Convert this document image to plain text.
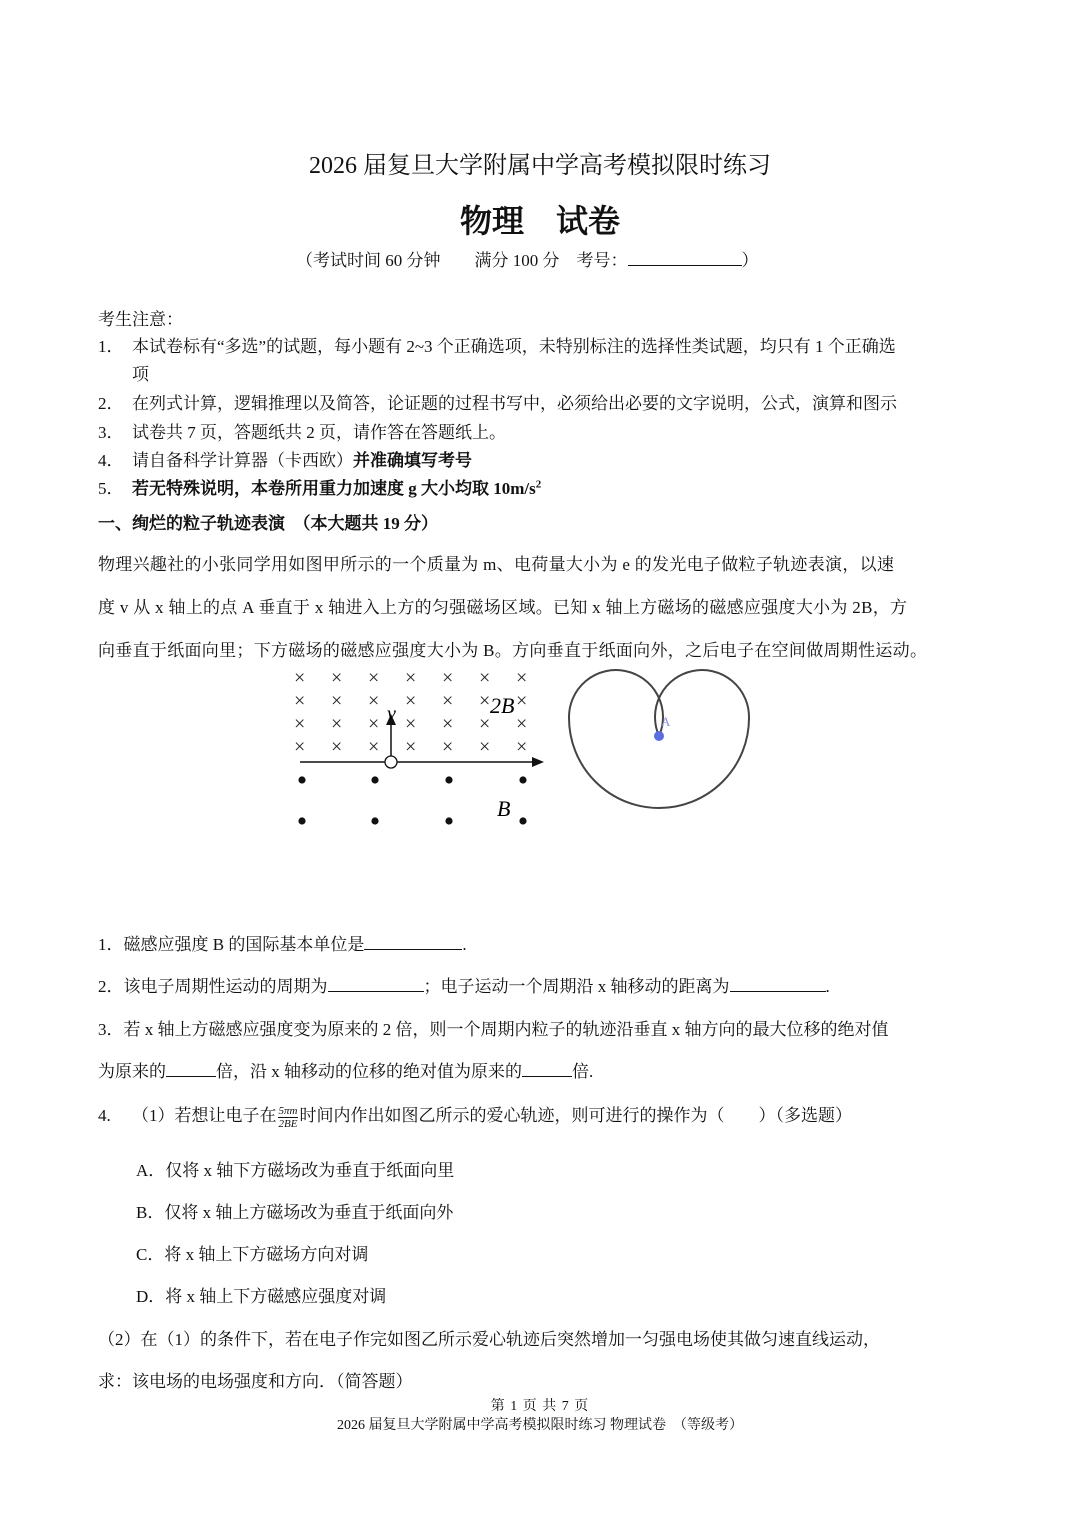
2026 届复旦大学附属中学高考模拟限时练习
物理　试卷
（考试时间 60 分钟　　满分 100 分　考号：	）
考生注意：
1． 本试卷标有“多选”的试题，每小题有 2~3 个正确选项，未特别标注的选择性类试题，均只有 1 个正确选
项
2． 在列式计算，逻辑推理以及简答，论证题的过程书写中，必须给出必要的文字说明，公式，演算和图示
3． 试卷共 7 页，答题纸共 2 页，请作答在答题纸上。
4． 请自备科学计算器（卡西欧）并准确填写考号
5． 若无特殊说明，本卷所用重力加速度 g 大小均取 $10m/s^2$
一、绚烂的粒子轨迹表演　（本大题共 19 分）
物理兴趣社的小张同学用如图甲所示的一个质量为 m、电荷量大小为 e 的发光电子做粒子轨迹表演，以速
度 v 从 x 轴上的点 A 垂直于 x 轴进入上方的匀强磁场区域。已知 x 轴上方磁场的磁感应强度大小为 2B，方
向垂直于纸面向里；下方磁场的磁感应强度大小为 B。方向垂直于纸面向外，之后电子在空间做周期性运动。
× × × × × × ×
× × × × ×	×
× × × × × × ×
× × × × × × ×
×
v	2B
B
A
1．磁感应强度 B 的国际基本单位是	.
2．该电子周期性运动的周期为	；电子运动一个周期沿 x 轴移动的距离为	.
3．若 x 轴上方磁感应强度变为原来的 2 倍，则一个周期内粒子的轨迹沿垂直 x 轴方向的最大位移的绝对值
为原来的	倍，沿 x 轴移动的位移的绝对值为原来的	倍.
4. （1）若想让电子在 $\frac{5\pi m}{2BE}$ 时间内作出如图乙所示的爱心轨迹，则可进行的操作为（　　）（多选题）
A．仅将 x 轴下方磁场改为垂直于纸面向里
B．仅将 x 轴上方磁场改为垂直于纸面向外
C．将 x 轴上下方磁场方向对调
D．将 x 轴上下方磁感应强度对调
（2）在（1）的条件下，若在电子作完如图乙所示爱心轨迹后突然增加一匀强电场使其做匀速直线运动，
求：该电场的电场强度和方向．（简答题）
第 1 页 共 7 页
2026 届复旦大学附属中学高考模拟限时练习 物理试卷　（等级考）
